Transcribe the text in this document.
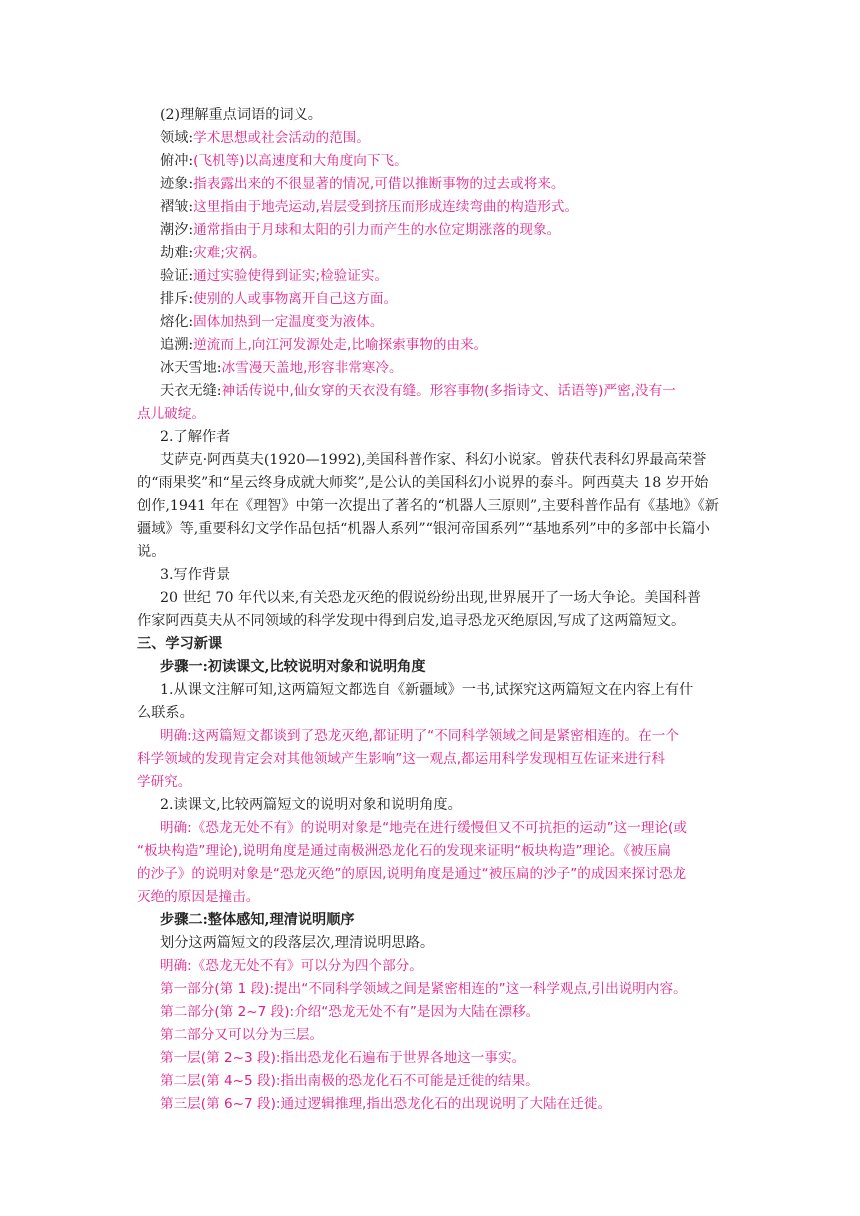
(2)理解重点词语的词义。
领域:学术思想或社会活动的范围。
俯冲:(飞机等)以高速度和大角度向下飞。
迹象:指表露出来的不很显著的情况,可借以推断事物的过去或将来。
褶皱:这里指由于地壳运动,岩层受到挤压而形成连续弯曲的构造形式。
潮汐:通常指由于月球和太阳的引力而产生的水位定期涨落的现象。
劫难:灾难;灾祸。
验证:通过实验使得到证实;检验证实。
排斥:使别的人或事物离开自己这方面。
熔化:固体加热到一定温度变为液体。
追溯:逆流而上,向江河发源处走,比喻探索事物的由来。
冰天雪地:冰雪漫天盖地,形容非常寒冷。
天衣无缝:神话传说中,仙女穿的天衣没有缝。形容事物(多指诗文、话语等)严密,没有一
点儿破绽。
2.了解作者
艾萨克·阿西莫夫(1920—1992),美国科普作家、科幻小说家。曾获代表科幻界最高荣誉
的“雨果奖”和“星云终身成就大师奖”,是公认的美国科幻小说界的泰斗。阿西莫夫 18 岁开始
创作,1941 年在《理智》中第一次提出了著名的“机器人三原则”,主要科普作品有《基地》《新
疆域》等,重要科幻文学作品包括“机器人系列”“银河帝国系列”“基地系列”中的多部中长篇小
说。
3.写作背景
20 世纪 70 年代以来,有关恐龙灭绝的假说纷纷出现,世界展开了一场大争论。美国科普
作家阿西莫夫从不同领域的科学发现中得到启发,追寻恐龙灭绝原因,写成了这两篇短文。
三、学习新课
步骤一:初读课文,比较说明对象和说明角度
1.从课文注解可知,这两篇短文都选自《新疆域》一书,试探究这两篇短文在内容上有什
么联系。
明确:这两篇短文都谈到了恐龙灭绝,都证明了“不同科学领域之间是紧密相连的。在一个
科学领域的发现肯定会对其他领域产生影响”这一观点,都运用科学发现相互佐证来进行科
学研究。
2.读课文,比较两篇短文的说明对象和说明角度。
明确:《恐龙无处不有》的说明对象是“地壳在进行缓慢但又不可抗拒的运动”这一理论(或
“板块构造”理论),说明角度是通过南极洲恐龙化石的发现来证明“板块构造”理论。《被压扁
的沙子》的说明对象是“恐龙灭绝”的原因,说明角度是通过“被压扁的沙子”的成因来探讨恐龙
灭绝的原因是撞击。
步骤二:整体感知,理清说明顺序
划分这两篇短文的段落层次,理清说明思路。
明确:《恐龙无处不有》可以分为四个部分。
第一部分(第 1 段):提出“不同科学领域之间是紧密相连的”这一科学观点,引出说明内容。
第二部分(第 2~7 段):介绍“恐龙无处不有”是因为大陆在漂移。
第二部分又可以分为三层。
第一层(第 2~3 段):指出恐龙化石遍布于世界各地这一事实。
第二层(第 4~5 段):指出南极的恐龙化石不可能是迁徙的结果。
第三层(第 6~7 段):通过逻辑推理,指出恐龙化石的出现说明了大陆在迁徙。
